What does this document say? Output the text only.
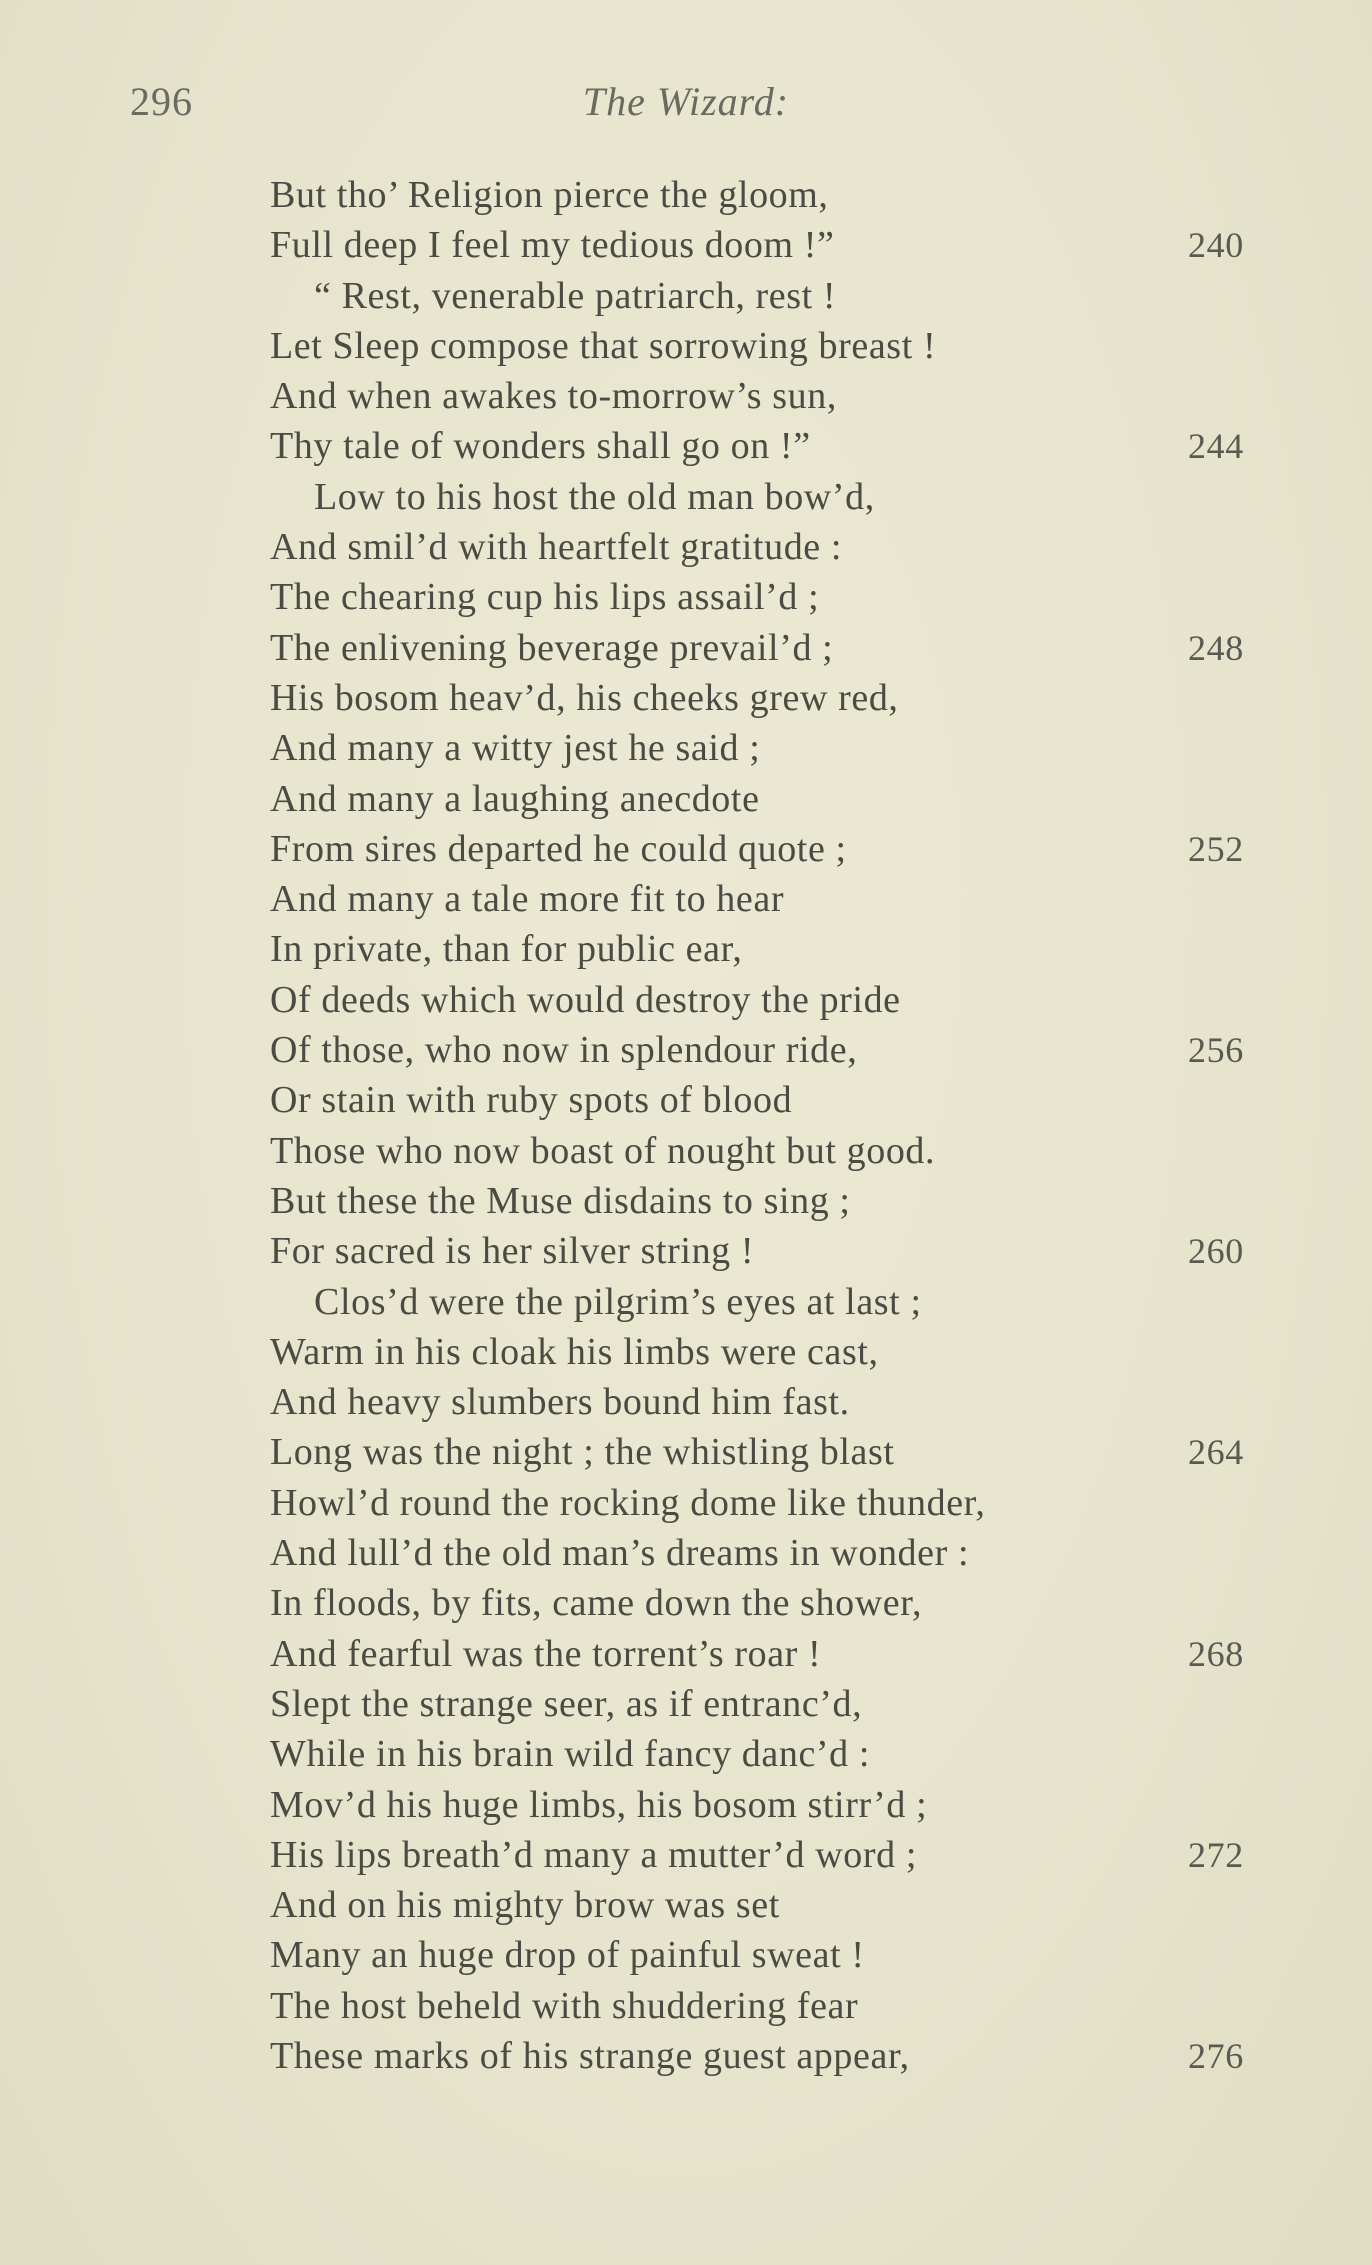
296	The Wizard:
But tho’ Religion pierce the gloom,
Full deep I feel my tedious doom !”	240
“ Rest, venerable patriarch, rest !
Let Sleep compose that sorrowing breast !
And when awakes to-morrow’s sun,
Thy tale of wonders shall go on !”	244
Low to his host the old man bow’d,
And smil’d with heartfelt gratitude :
The chearing cup his lips assail’d ;
The enlivening beverage prevail’d ;	248
His bosom heav’d, his cheeks grew red,
And many a witty jest he said ;
And many a laughing anecdote
From sires departed he could quote ;	252
And many a tale more fit to hear
In private, than for public ear,
Of deeds which would destroy the pride
Of those, who now in splendour ride,	256
Or stain with ruby spots of blood
Those who now boast of nought but good.
But these the Muse disdains to sing ;
For sacred is her silver string !	260
Clos’d were the pilgrim’s eyes at last ;
Warm in his cloak his limbs were cast,
And heavy slumbers bound him fast.
Long was the night ; the whistling blast	264
Howl’d round the rocking dome like thunder,
And lull’d the old man’s dreams in wonder :
In floods, by fits, came down the shower,
And fearful was the torrent’s roar !	268
Slept the strange seer, as if entranc’d,
While in his brain wild fancy danc’d :
Mov’d his huge limbs, his bosom stirr’d ;
His lips breath’d many a mutter’d word ;	272
And on his mighty brow was set
Many an huge drop of painful sweat !
The host beheld with shuddering fear
These marks of his strange guest appear,	276
